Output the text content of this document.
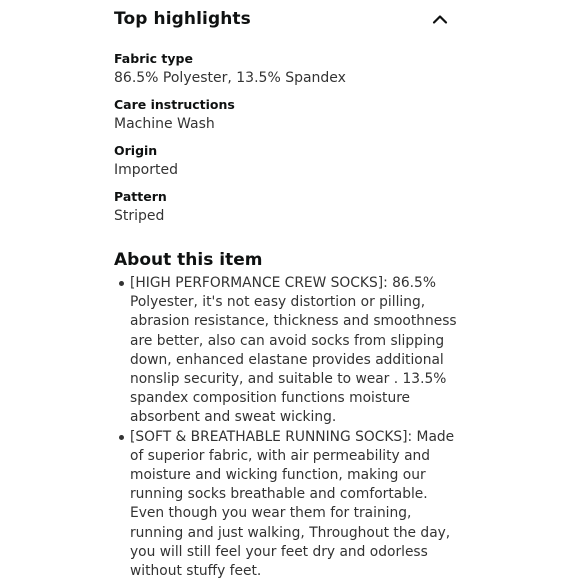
Top highlights
Fabric type
86.5% Polyester, 13.5% Spandex
Care instructions
Machine Wash
Origin
Imported
Pattern
Striped
About this item
[HIGH PERFORMANCE CREW SOCKS]: 86.5% Polyester, it's not easy distortion or pilling, abrasion resistance, thickness and smoothness are better, also can avoid socks from slipping down, enhanced elastane provides additional nonslip security, and suitable to wear . 13.5% spandex composition functions moisture absorbent and sweat wicking.
[SOFT & BREATHABLE RUNNING SOCKS]: Made of superior fabric, with air permeability and moisture and wicking function, making our running socks breathable and comfortable. Even though you wear them for training, running and just walking, Throughout the day, you will still feel your feet dry and odorless without stuffy feet.
